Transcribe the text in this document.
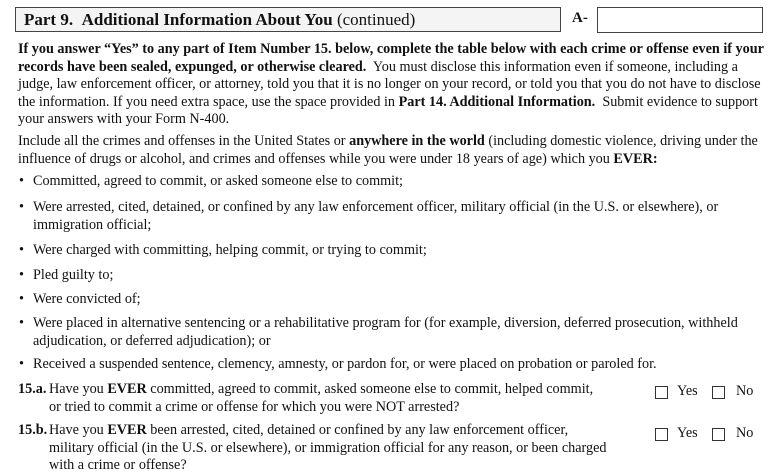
Part 9. Additional Information About You (continued)	A-
If you answer “Yes” to any part of Item Number 15. below, complete the table below with each crime or offense even if your records have been sealed, expunged, or otherwise cleared. You must disclose this information even if someone, including a judge, law enforcement officer, or attorney, told you that it is no longer on your record, or told you that you do not have to disclose the information. If you need extra space, use the space provided in Part 14. Additional Information. Submit evidence to support your answers with your Form N-400.
Include all the crimes and offenses in the United States or anywhere in the world (including domestic violence, driving under the influence of drugs or alcohol, and crimes and offenses while you were under 18 years of age) which you EVER:
• Committed, agreed to commit, or asked someone else to commit;
• Were arrested, cited, detained, or confined by any law enforcement officer, military official (in the U.S. or elsewhere), or immigration official;
• Were charged with committing, helping commit, or trying to commit;
• Pled guilty to;
• Were convicted of;
• Were placed in alternative sentencing or a rehabilitative program for (for example, diversion, deferred prosecution, withheld adjudication, or deferred adjudication); or
• Received a suspended sentence, clemency, amnesty, or pardon for, or were placed on probation or paroled for.
15.a. Have you EVER committed, agreed to commit, asked someone else to commit, helped commit, or tried to commit a crime or offense for which you were NOT arrested?
Yes	No
15.b. Have you EVER been arrested, cited, detained or confined by any law enforcement officer, military official (in the U.S. or elsewhere), or immigration official for any reason, or been charged with a crime or offense?
Yes	No
